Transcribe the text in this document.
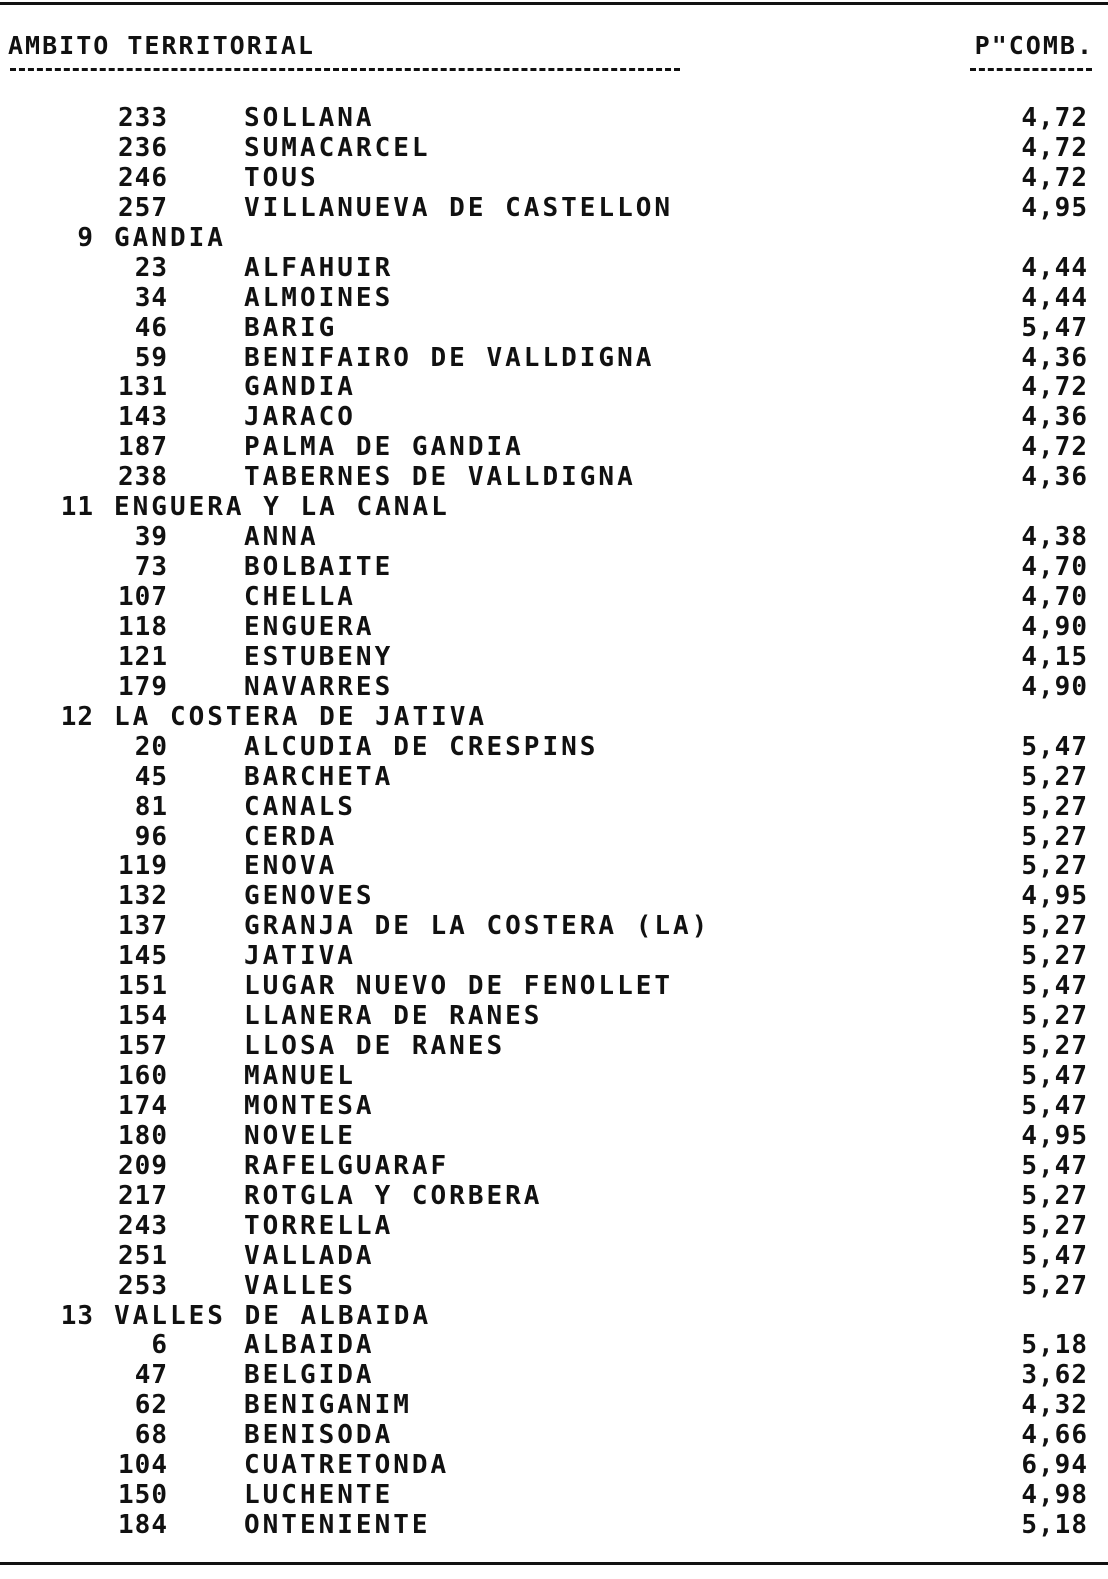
AMBITO TERRITORIAL	P"COMB.
233	SOLLANA	4,72
236	SUMACARCEL	4,72
246	TOUS	4,72
257	VILLANUEVA DE CASTELLON	4,95
9 GANDIA
23	ALFAHUIR	4,44
34	ALMOINES	4,44
46	BARIG	5,47
59	BENIFAIRO DE VALLDIGNA	4,36
131	GANDIA	4,72
143	JARACO	4,36
187	PALMA DE GANDIA	4,72
238	TABERNES DE VALLDIGNA	4,36
11 ENGUERA Y LA CANAL
39	ANNA	4,38
73	BOLBAITE	4,70
107	CHELLA	4,70
118	ENGUERA	4,90
121	ESTUBENY	4,15
179	NAVARRES	4,90
12 LA COSTERA DE JATIVA
20	ALCUDIA DE CRESPINS	5,47
45	BARCHETA	5,27
81	CANALS	5,27
96	CERDA	5,27
119	ENOVA	5,27
132	GENOVES	4,95
137	GRANJA DE LA COSTERA (LA)	5,27
145	JATIVA	5,27
151	LUGAR NUEVO DE FENOLLET	5,47
154	LLANERA DE RANES	5,27
157	LLOSA DE RANES	5,27
160	MANUEL	5,47
174	MONTESA	5,47
180	NOVELE	4,95
209	RAFELGUARAF	5,47
217	ROTGLA Y CORBERA	5,27
243	TORRELLA	5,27
251	VALLADA	5,47
253	VALLES	5,27
13 VALLES DE ALBAIDA
6	ALBAIDA	5,18
47	BELGIDA	3,62
62	BENIGANIM	4,32
68	BENISODA	4,66
104	CUATRETONDA	6,94
150	LUCHENTE	4,98
184	ONTENIENTE	5,18
